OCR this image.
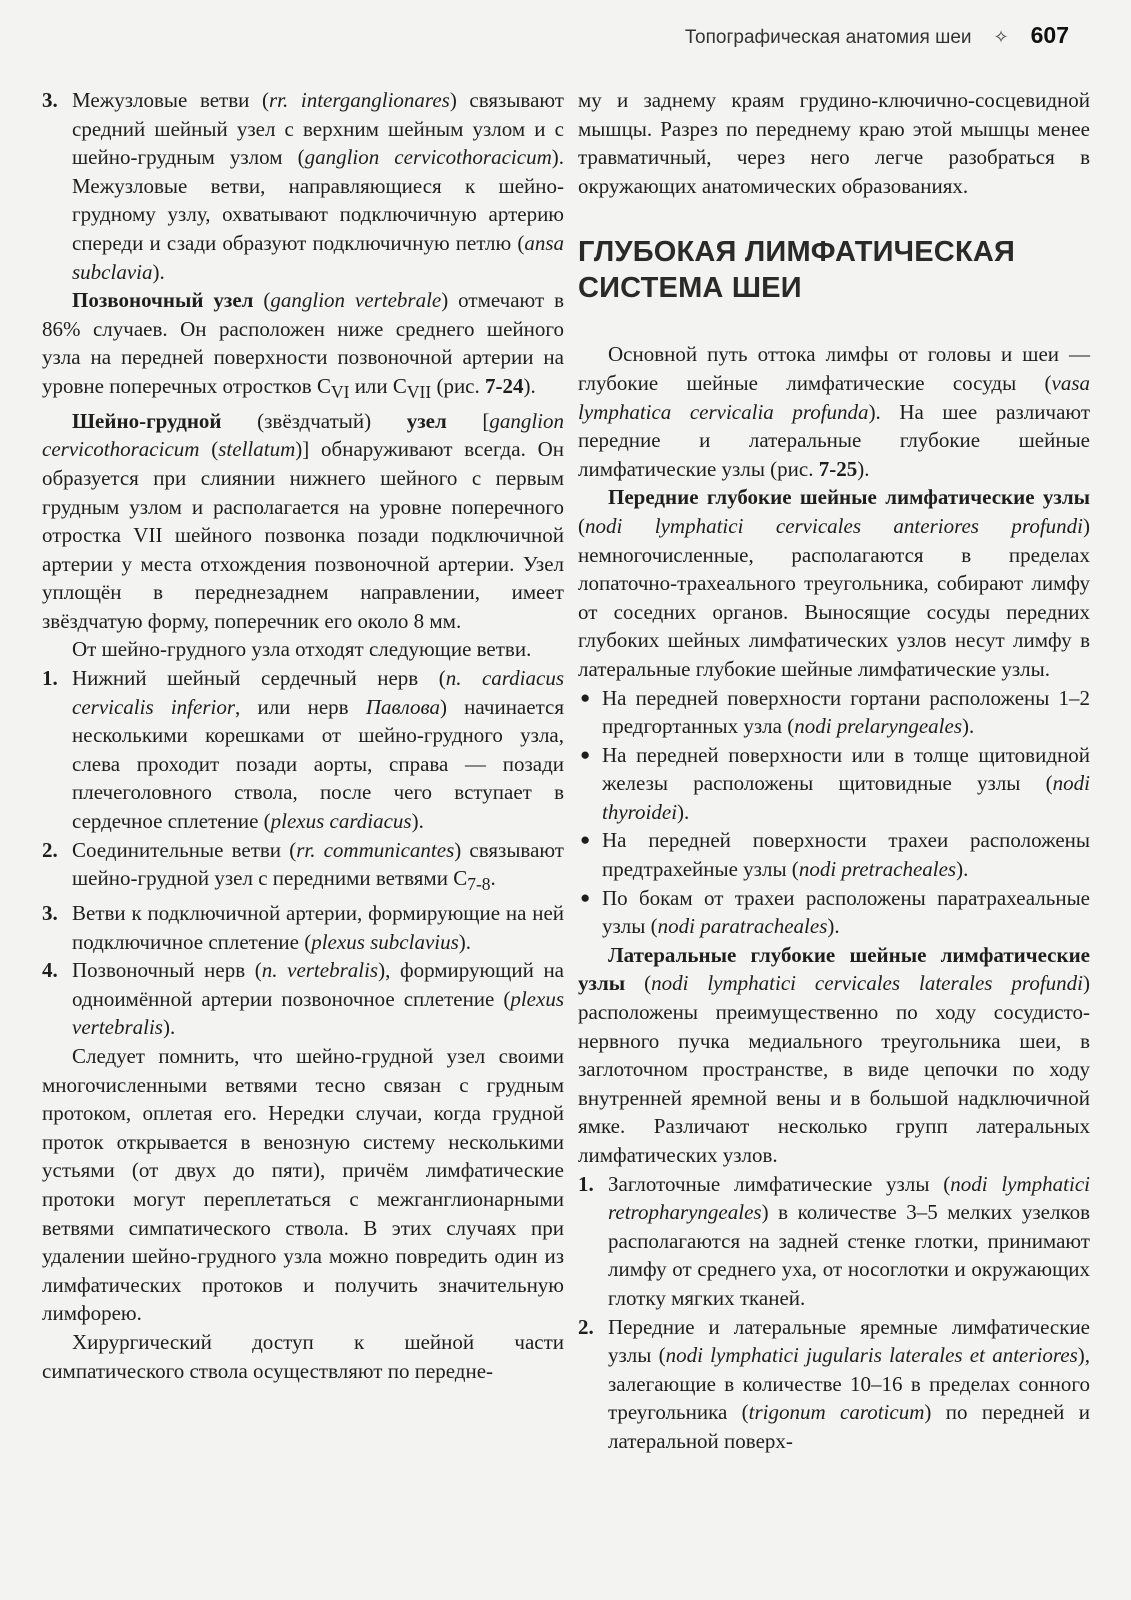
Топографическая анатомия шеи ✧ 607
3. Межузловые ветви (rr. interganglionares) связывают средний шейный узел с верхним шейным узлом и с шейно-грудным узлом (ganglion cervicothoracicum). Межузловые ветви, направляющиеся к шейно-грудному узлу, охватывают подключичную артерию спереди и сзади образуют подключичную петлю (ansa subclavia).

Позвоночный узел (ganglion vertebrale) отмечают в 86% случаев. Он расположен ниже среднего шейного узла на передней поверхности позвоночной артерии на уровне поперечных отростков $C_{VI}$ или $C_{VII}$ (рис. 7-24).

Шейно-грудной (звёздчатый) узел [ganglion cervicothoracicum (stellatum)] обнаруживают всегда. Он образуется при слиянии нижнего шейного с первым грудным узлом и располагается на уровне поперечного отростка VII шейного позвонка позади подключичной артерии у места отхождения позвоночной артерии. Узел уплощён в переднезаднем направлении, имеет звёздчатую форму, поперечник его около 8 мм.

От шейно-грудного узла отходят следующие ветви.

1. Нижний шейный сердечный нерв (n. cardiacus cervicalis inferior, или нерв Павлова) начинается несколькими корешками от шейно-грудного узла, слева проходит позади аорты, справа — позади плечеголовного ствола, после чего вступает в сердечное сплетение (plexus cardiacus).
2. Соединительные ветви (rr. communicantes) связывают шейно-грудной узел с передними ветвями $C_{7-8}$.
3. Ветви к подключичной артерии, формирующие на ней подключичное сплетение (plexus subclavius).
4. Позвоночный нерв (n. vertebralis), формирующий на одноимённой артерии позвоночное сплетение (plexus vertebralis).

Следует помнить, что шейно-грудной узел своими многочисленными ветвями тесно связан с грудным протоком, оплетая его. Нередки случаи, когда грудной проток открывается в венозную систему несколькими устьями (от двух до пяти), причём лимфатические протоки могут переплетаться с межганглионарными ветвями симпатического ствола. В этих случаях при удалении шейно-грудного узла можно повредить один из лимфатических протоков и получить значительную лимфорею.

Хирургический доступ к шейной части симпатического ствола осуществляют по передне-

му и заднему краям грудино-ключично-сосцевидной мышцы. Разрез по переднему краю этой мышцы менее травматичный, через него легче разобраться в окружающих анатомических образованиях.

ГЛУБОКАЯ ЛИМФАТИЧЕСКАЯ
СИСТЕМА ШЕИ

Основной путь оттока лимфы от головы и шеи — глубокие шейные лимфатические сосуды (vasa lymphatica cervicalia profunda). На шее различают передние и латеральные глубокие шейные лимфатические узлы (рис. 7-25).

Передние глубокие шейные лимфатические узлы (nodi lymphatici cervicales anteriores profundi) немногочисленные, располагаются в пределах лопаточно-трахеального треугольника, собирают лимфу от соседних органов. Выносящие сосуды передних глубоких шейных лимфатических узлов несут лимфу в латеральные глубокие шейные лимфатические узлы.

● На передней поверхности гортани расположены 1–2 предгортанных узла (nodi prelaryngeales).
● На передней поверхности или в толще щитовидной железы расположены щитовидные узлы (nodi thyroidei).
● На передней поверхности трахеи расположены предтрахейные узлы (nodi pretracheales).
● По бокам от трахеи расположены паратрахеальные узлы (nodi paratracheales).

Латеральные глубокие шейные лимфатические узлы (nodi lymphatici cervicales laterales profundi) расположены преимущественно по ходу сосудисто-нервного пучка медиального треугольника шеи, в заглоточном пространстве, в виде цепочки по ходу внутренней яремной вены и в большой надключичной ямке. Различают несколько групп латеральных лимфатических узлов.

1. Заглоточные лимфатические узлы (nodi lymphatici retropharyngeales) в количестве 3–5 мелких узелков располагаются на задней стенке глотки, принимают лимфу от среднего уха, от носоглотки и окружающих глотку мягких тканей.
2. Передние и латеральные яремные лимфатические узлы (nodi lymphatici jugularis laterales et anteriores), залегающие в количестве 10–16 в пределах сонного треугольника (trigonum caroticum) по передней и латеральной поверх-
